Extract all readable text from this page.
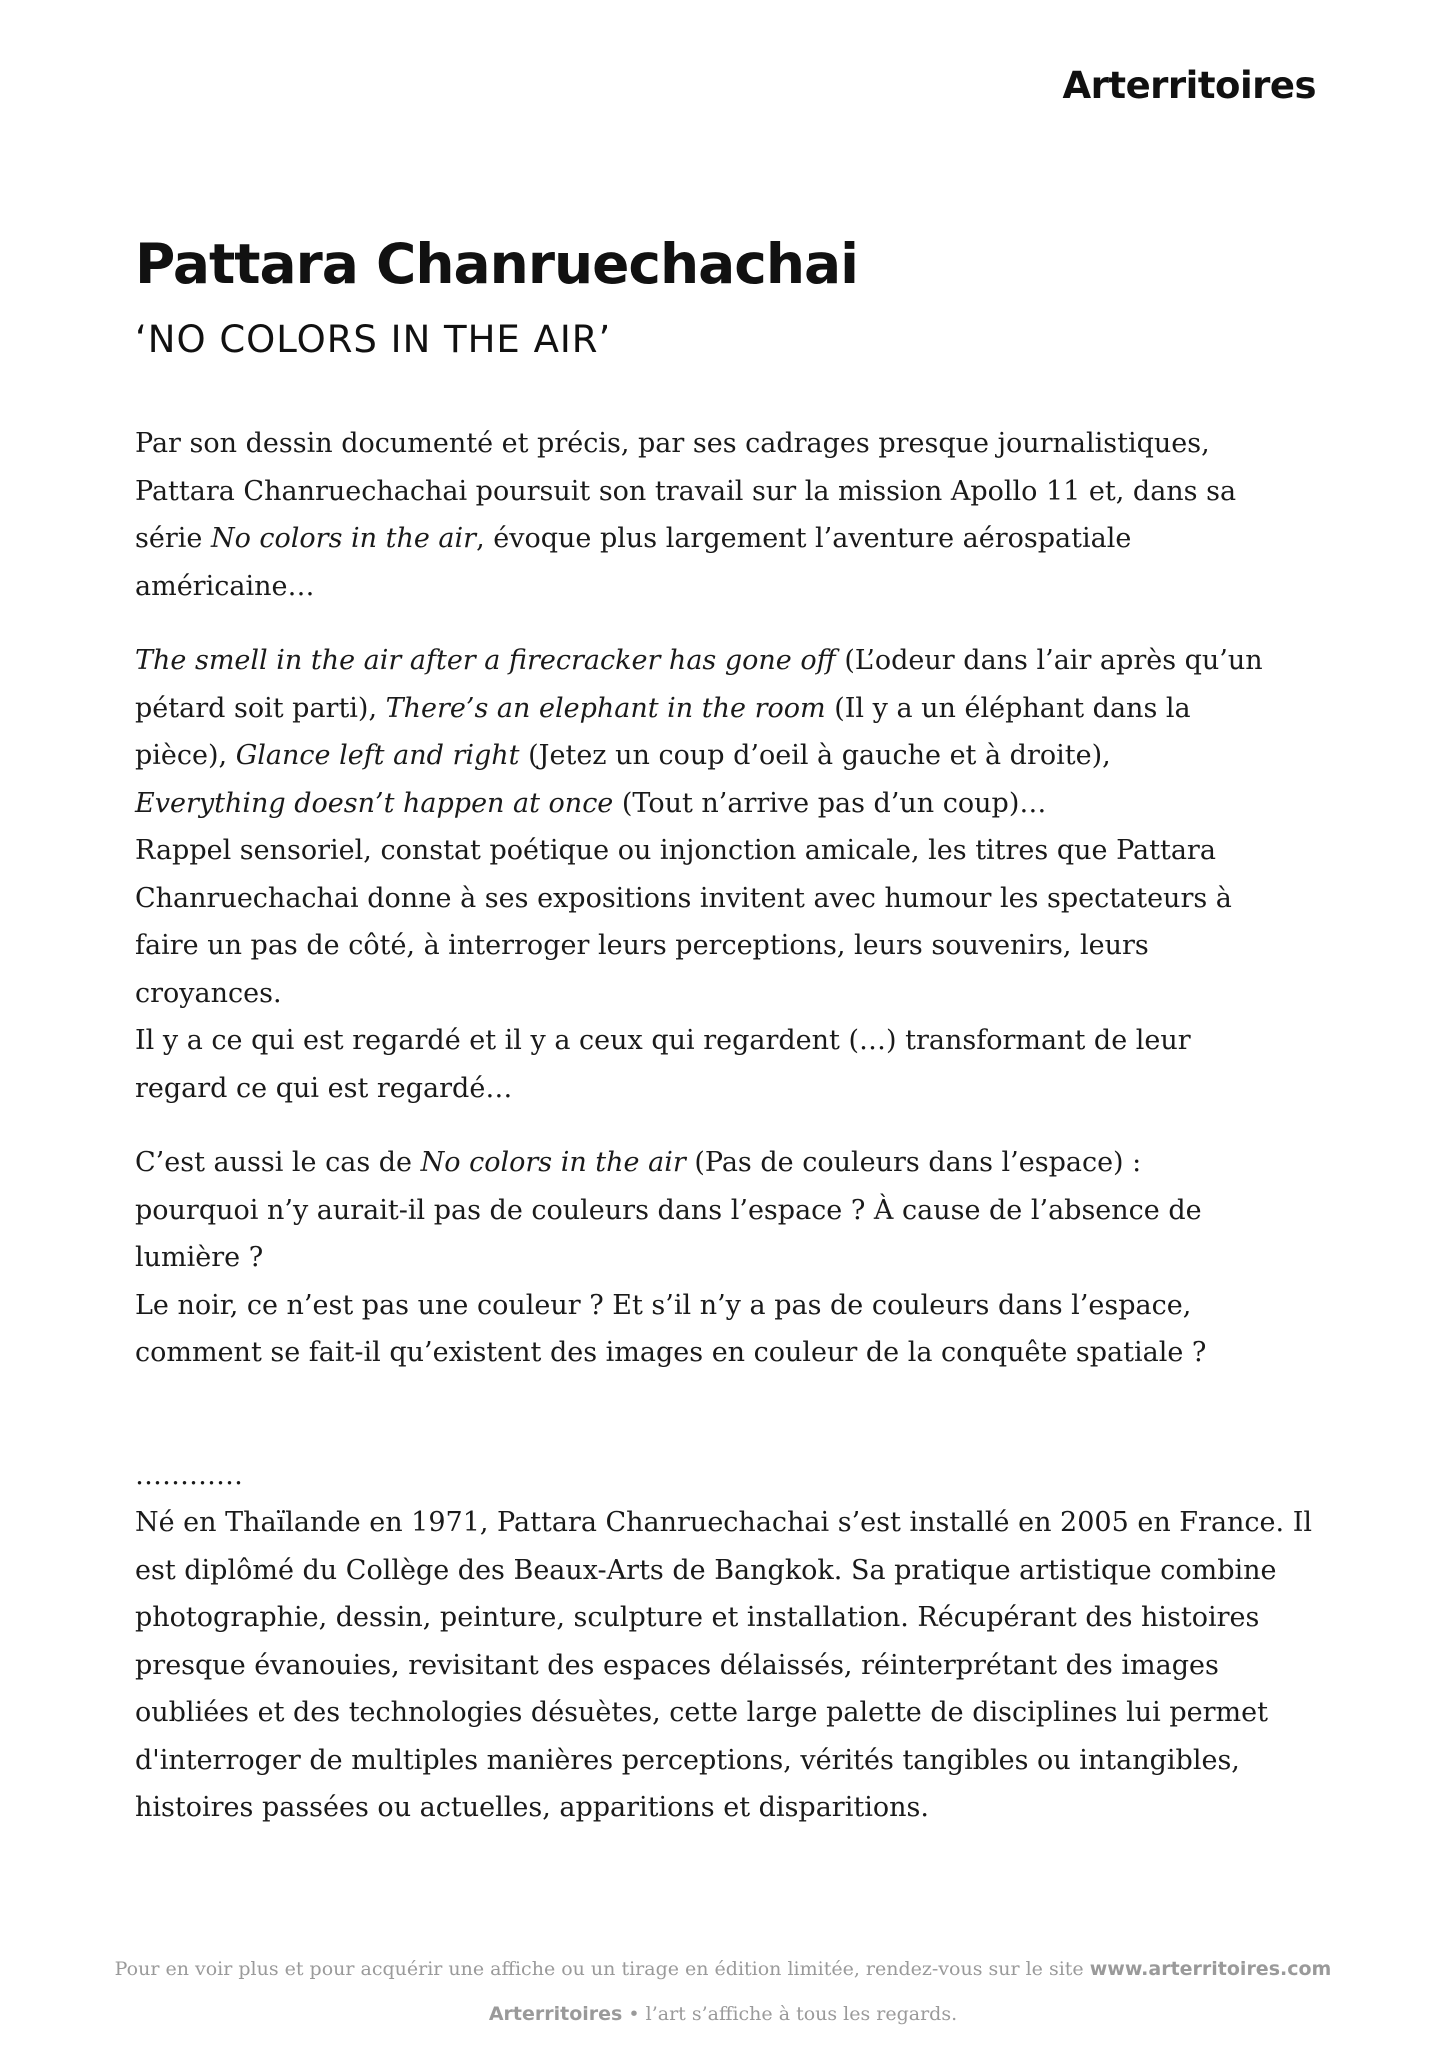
Arterritoires
Pattara Chanruechachai
‘NO COLORS IN THE AIR’

Par son dessin documenté et précis, par ses cadrages presque journalistiques, Pattara Chanruechachai poursuit son travail sur la mission Apollo 11 et, dans sa série No colors in the air, évoque plus largement l’aventure aérospatiale américaine…

The smell in the air after a firecracker has gone off (L’odeur dans l’air après qu’un pétard soit parti), There’s an elephant in the room (Il y a un éléphant dans la pièce), Glance left and right (Jetez un coup d’oeil à gauche et à droite), Everything doesn’t happen at once (Tout n’arrive pas d’un coup)…

Rappel sensoriel, constat poétique ou injonction amicale, les titres que Pattara Chanruechachai donne à ses expositions invitent avec humour les spectateurs à faire un pas de côté, à interroger leurs perceptions, leurs souvenirs, leurs croyances.

Il y a ce qui est regardé et il y a ceux qui regardent (…) transformant de leur regard ce qui est regardé…

C’est aussi le cas de No colors in the air (Pas de couleurs dans l’espace) : pourquoi n’y aurait-il pas de couleurs dans l’espace ? À cause de l’absence de lumière ?

Le noir, ce n’est pas une couleur ? Et s’il n’y a pas de couleurs dans l’espace, comment se fait-il qu’existent des images en couleur de la conquête spatiale ?

…………

Né en Thaïlande en 1971, Pattara Chanruechachai s’est installé en 2005 en France. Il est diplômé du Collège des Beaux-Arts de Bangkok. Sa pratique artistique combine photographie, dessin, peinture, sculpture et installation. Récupérant des histoires presque évanouies, revisitant des espaces délaissés, réinterprétant des images oubliées et des technologies désuètes, cette large palette de disciplines lui permet d'interroger de multiples manières perceptions, vérités tangibles ou intangibles, histoires passées ou actuelles, apparitions et disparitions.

Pour en voir plus et pour acquérir une affiche ou un tirage en édition limitée, rendez-vous sur le site www.arterritoires.com
Arterritoires • l’art s’affiche à tous les regards.
